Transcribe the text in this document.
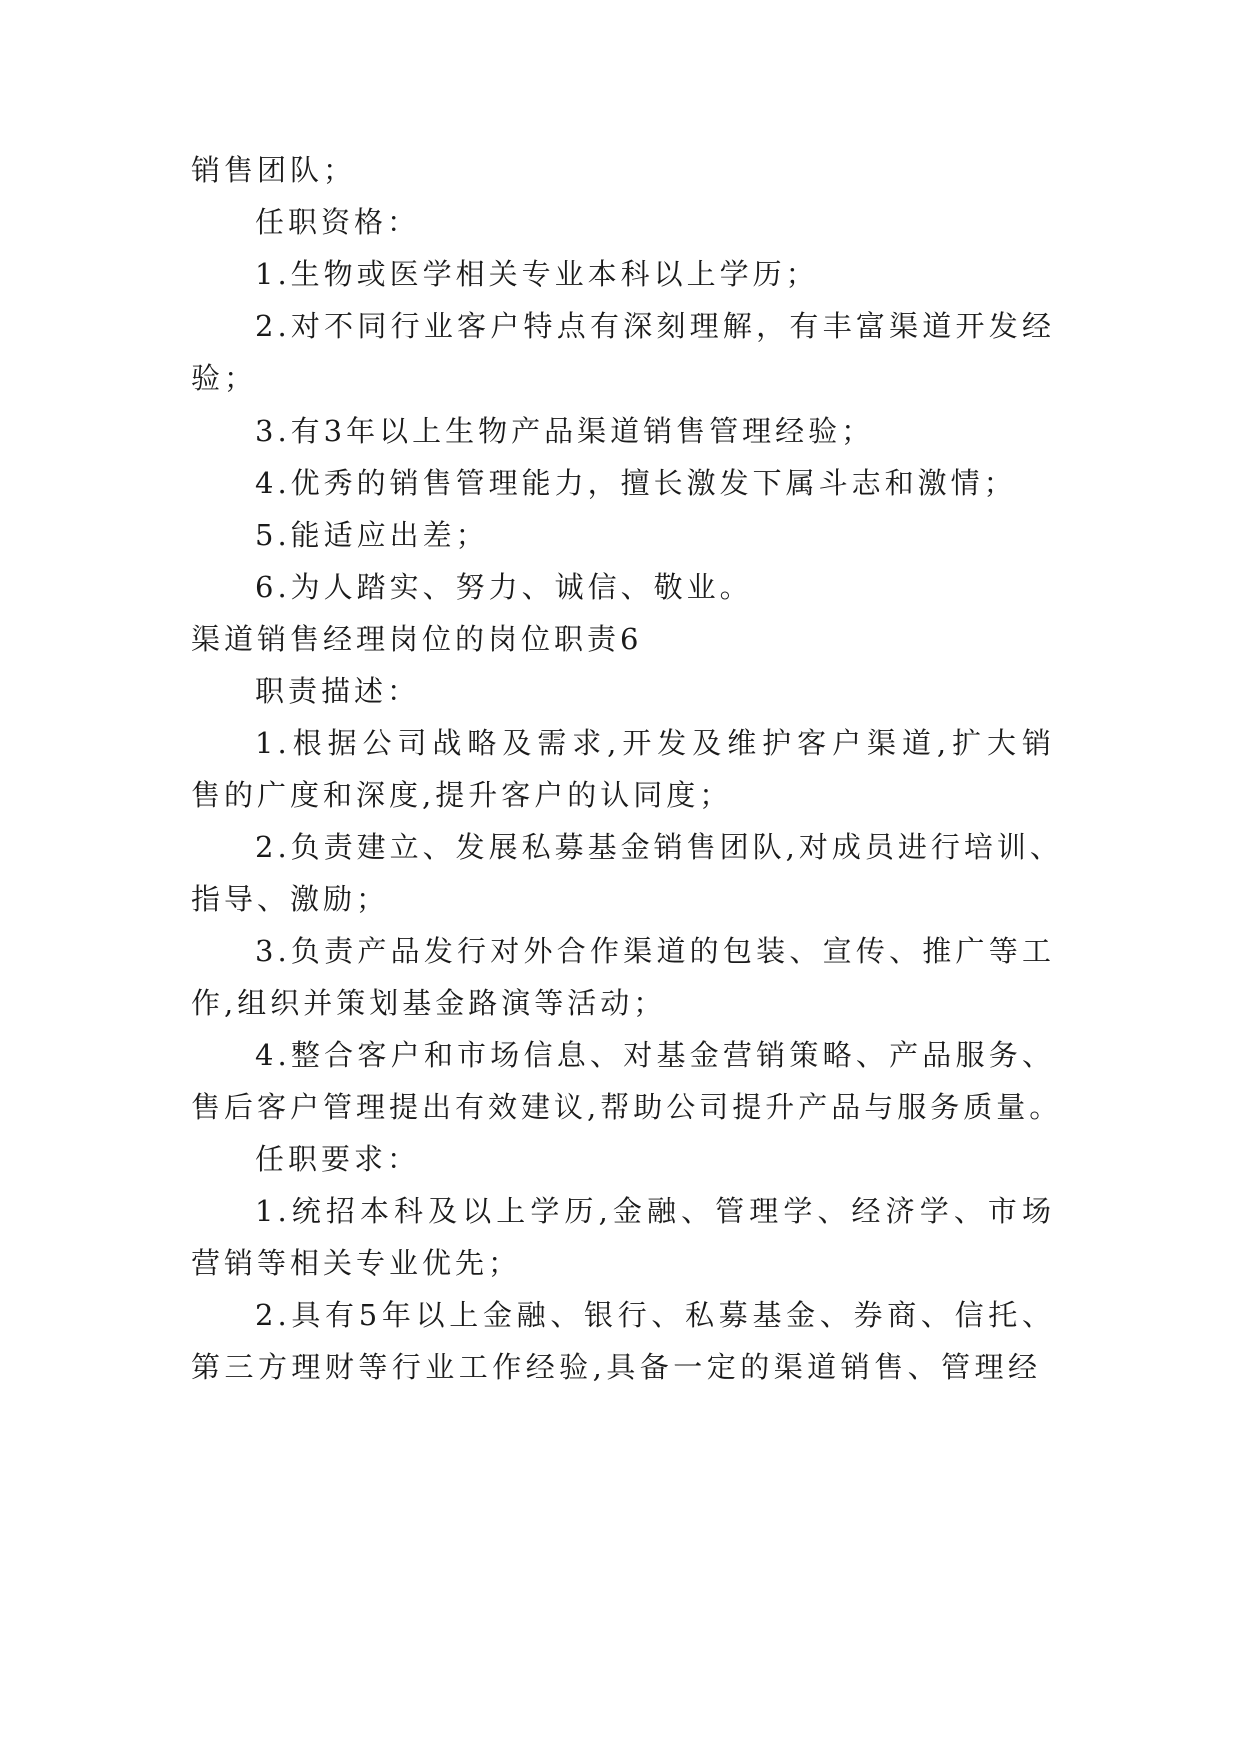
销售团队；
任职资格：
1.生物或医学相关专业本科以上学历；
2.对不同行业客户特点有深刻理解，有丰富渠道开发经
验；
3.有3年以上生物产品渠道销售管理经验；
4.优秀的销售管理能力，擅长激发下属斗志和激情；
5.能适应出差；
6.为人踏实、努力、诚信、敬业。
渠道销售经理岗位的岗位职责6
职责描述：
1.根据公司战略及需求,开发及维护客户渠道,扩大销
售的广度和深度,提升客户的认同度；
2.负责建立、发展私募基金销售团队,对成员进行培训、
指导、激励；
3.负责产品发行对外合作渠道的包装、宣传、推广等工
作,组织并策划基金路演等活动；
4.整合客户和市场信息、对基金营销策略、产品服务、
售后客户管理提出有效建议,帮助公司提升产品与服务质量。
任职要求：
1.统招本科及以上学历,金融、管理学、经济学、市场
营销等相关专业优先；
2.具有5年以上金融、银行、私募基金、券商、信托、
第三方理财等行业工作经验,具备一定的渠道销售、管理经
